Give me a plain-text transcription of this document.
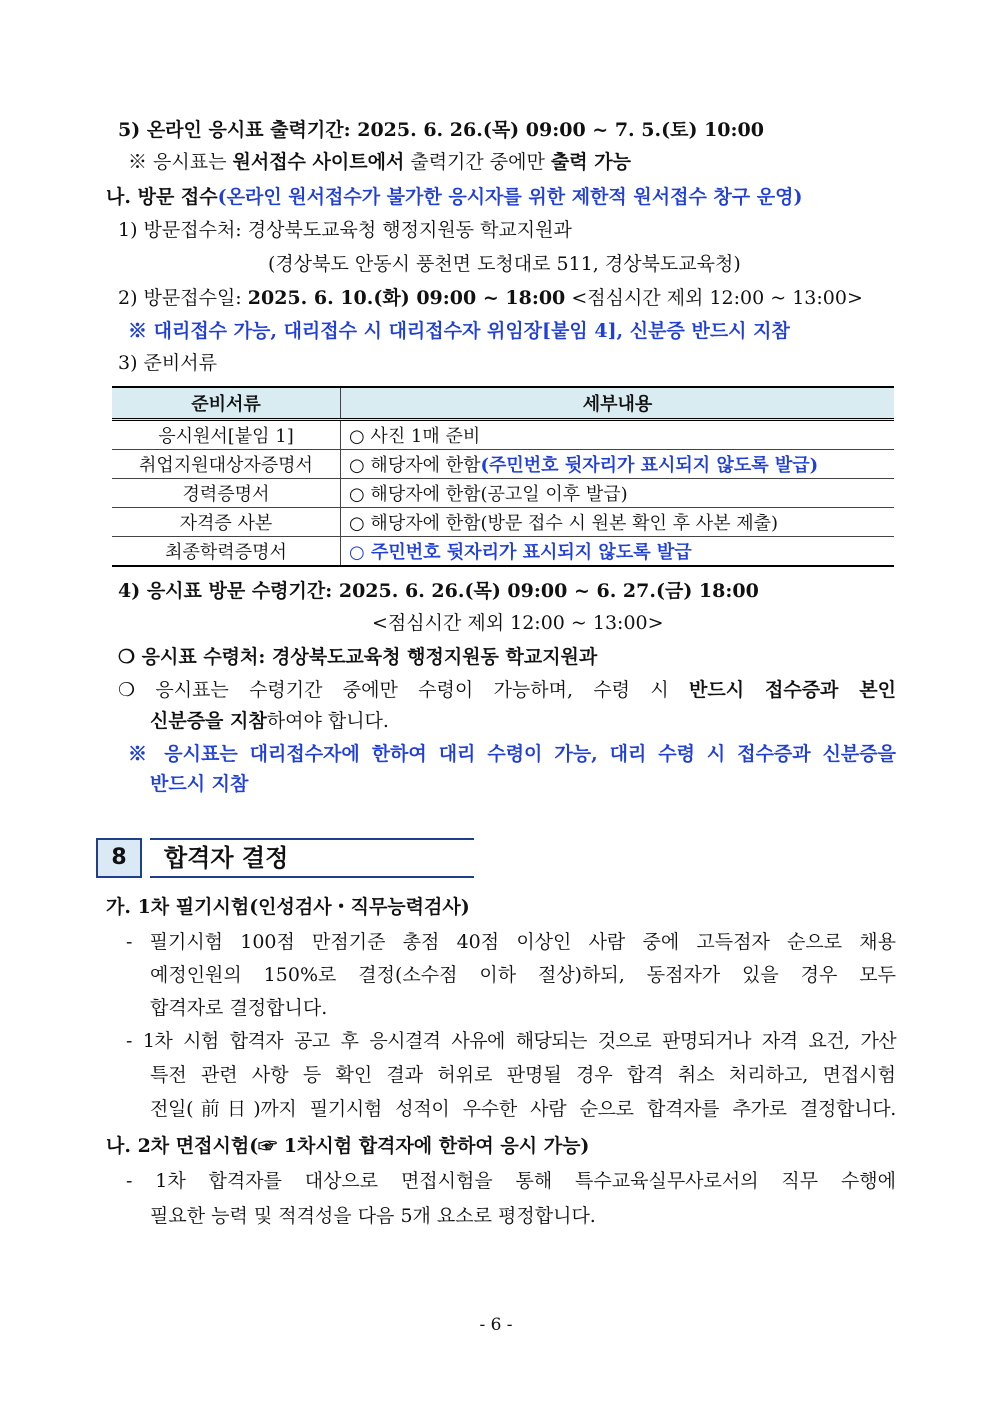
5) 온라인 응시표 출력기간: 2025. 6. 26.(목) 09:00 ~ 7. 5.(토) 10:00
※ 응시표는 원서접수 사이트에서 출력기간 중에만 출력 가능
나. 방문 접수(온라인 원서접수가 불가한 응시자를 위한 제한적 원서접수 창구 운영)
1) 방문접수처: 경상북도교육청 행정지원동 학교지원과
(경상북도 안동시 풍천면 도청대로 511, 경상북도교육청)
2) 방문접수일: 2025. 6. 10.(화) 09:00 ~ 18:00 <점심시간 제외 12:00 ~ 13:00>
※ 대리접수 가능, 대리접수 시 대리접수자 위임장[붙임 4], 신분증 반드시 지참
3) 준비서류
준비서류	세부내용
응시원서[붙임 1]	○ 사진 1매 준비
취업지원대상자증명서	○ 해당자에 한함(주민번호 뒷자리가 표시되지 않도록 발급)
경력증명서	○ 해당자에 한함(공고일 이후 발급)
자격증 사본	○ 해당자에 한함(방문 접수 시 원본 확인 후 사본 제출)
최종학력증명서	○ 주민번호 뒷자리가 표시되지 않도록 발급
4) 응시표 방문 수령기간: 2025. 6. 26.(목) 09:00 ~ 6. 27.(금) 18:00
<점심시간 제외 12:00 ~ 13:00>
❍ 응시표 수령처: 경상북도교육청 행정지원동 학교지원과
❍ 응시표는 수령기간 중에만 수령이 가능하며, 수령 시 반드시 접수증과 본인
신분증을 지참하여야 합니다.
※ 응시표는 대리접수자에 한하여 대리 수령이 가능, 대리 수령 시 접수증과 신분증을
반드시 지참
8	합격자 결정
가. 1차 필기시험(인성검사・직무능력검사)
- 필기시험 100점 만점기준 총점 40점 이상인 사람 중에 고득점자 순으로 채용
예정인원의 150%로 결정(소수점 이하 절상)하되, 동점자가 있을 경우 모두
합격자로 결정합니다.
- 1차 시험 합격자 공고 후 응시결격 사유에 해당되는 것으로 판명되거나 자격 요건, 가산
특전 관련 사항 등 확인 결과 허위로 판명될 경우 합격 취소 처리하고, 면접시험
전일(前日)까지 필기시험 성적이 우수한 사람 순으로 합격자를 추가로 결정합니다.
나. 2차 면접시험(☞ 1차시험 합격자에 한하여 응시 가능)
- 1차 합격자를 대상으로 면접시험을 통해 특수교육실무사로서의 직무 수행에
필요한 능력 및 적격성을 다음 5개 요소로 평정합니다.
- 6 -
